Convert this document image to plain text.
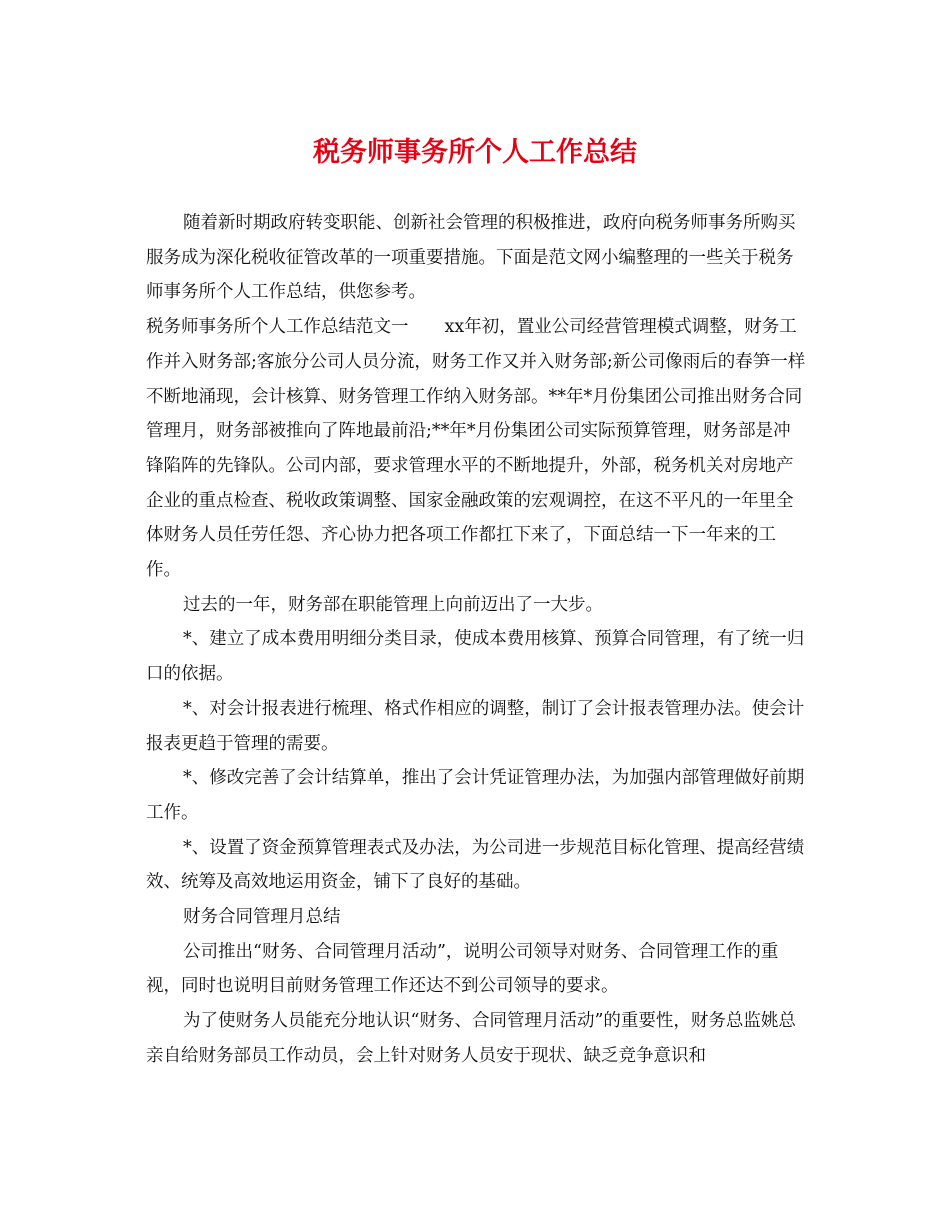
税务师事务所个人工作总结

随着新时期政府转变职能、创新社会管理的积极推进，政府向税务师事务所购买服务成为深化税收征管改革的一项重要措施。下面是范文网小编整理的一些关于税务师事务所个人工作总结，供您参考。

税务师事务所个人工作总结范文一 xx年初，置业公司经营管理模式调整，财务工作并入财务部;客旅分公司人员分流，财务工作又并入财务部;新公司像雨后的春笋一样不断地涌现，会计核算、财务管理工作纳入财务部。**年*月份集团公司推出财务合同管理月，财务部被推向了阵地最前沿;**年*月份集团公司实际预算管理，财务部是冲锋陷阵的先锋队。公司内部，要求管理水平的不断地提升，外部，税务机关对房地产企业的重点检查、税收政策调整、国家金融政策的宏观调控，在这不平凡的一年里全体财务人员任劳任怨、齐心协力把各项工作都扛下来了，下面总结一下一年来的工作。

过去的一年，财务部在职能管理上向前迈出了一大步。

*、建立了成本费用明细分类目录，使成本费用核算、预算合同管理，有了统一归口的依据。

*、对会计报表进行梳理、格式作相应的调整，制订了会计报表管理办法。使会计报表更趋于管理的需要。

*、修改完善了会计结算单，推出了会计凭证管理办法，为加强内部管理做好前期工作。

*、设置了资金预算管理表式及办法，为公司进一步规范目标化管理、提高经营绩效、统筹及高效地运用资金，铺下了良好的基础。

财务合同管理月总结

公司推出“财务、合同管理月活动”，说明公司领导对财务、合同管理工作的重视，同时也说明目前财务管理工作还达不到公司领导的要求。

为了使财务人员能充分地认识“财务、合同管理月活动”的重要性，财务总监姚总亲自给财务部员工作动员，会上针对财务人员安于现状、缺乏竞争意识和
